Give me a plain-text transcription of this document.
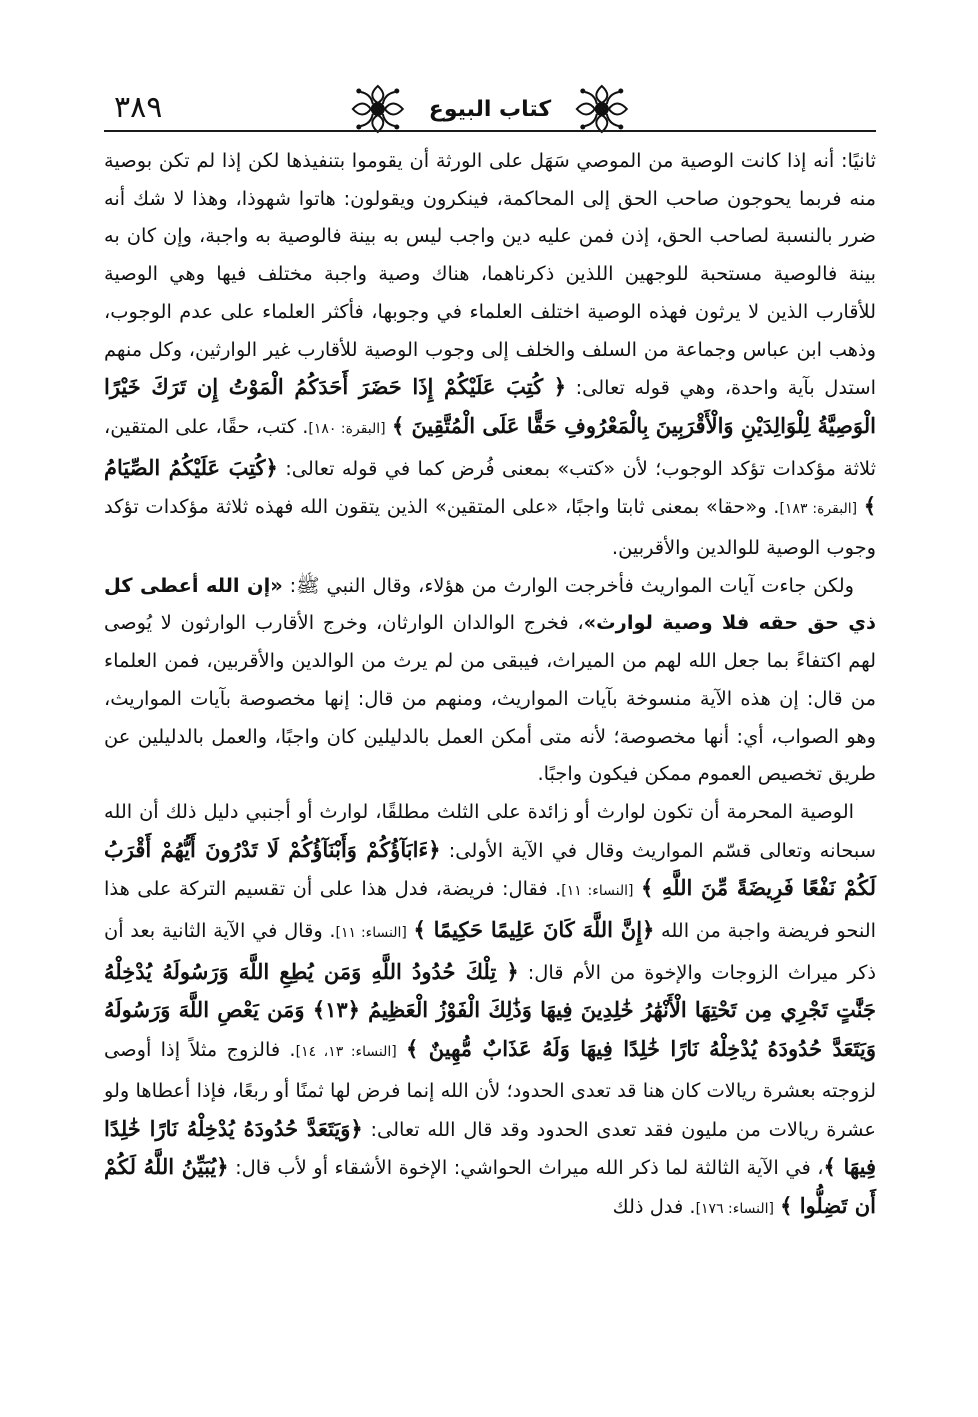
٣٨٩	كتاب البيوع

ثانيًا: أنه إذا كانت الوصية من الموصي سَهَل على الورثة أن يقوموا بتنفيذها لكن إذا لم تكن بوصية منه فربما يحوجون صاحب الحق إلى المحاكمة، فينكرون ويقولون: هاتوا شهوذا، وهذا لا شك أنه ضرر بالنسبة لصاحب الحق، إذن فمن عليه دين واجب ليس به بينة فالوصية به واجبة، وإن كان به بينة فالوصية مستحبة للوجهين اللذين ذكرناهما، هناك وصية واجبة مختلف فيها وهي الوصية للأقارب الذين لا يرثون فهذه الوصية اختلف العلماء في وجوبها، فأكثر العلماء على عدم الوجوب، وذهب ابن عباس وجماعة من السلف والخلف إلى وجوب الوصية للأقارب غير الوارثين، وكل منهم استدل بآية واحدة، وهي قوله تعالى: ﴿ كُتِبَ عَلَيْكُمْ إِذَا حَضَرَ أَحَدَكُمُ الْمَوْتُ إِن تَرَكَ خَيْرًا الْوَصِيَّةُ لِلْوَالِدَيْنِ وَالْأَقْرَبِينَ بِالْمَعْرُوفِ حَقًّا عَلَى الْمُتَّقِينَ ﴾ [البقرة: ١٨٠]. كتب، حقًا، على المتقين، ثلاثة مؤكدات تؤكد الوجوب؛ لأن «كتب» بمعنى فُرض كما في قوله تعالى: ﴿كُتِبَ عَلَيْكُمُ الصِّيَامُ ﴾ [البقرة: ١٨٣]. و«حقا» بمعنى ثابتا واجبًا، «على المتقين» الذين يتقون الله فهذه ثلاثة مؤكدات تؤكد وجوب الوصية للوالدين والأقربين.

ولكن جاءت آيات المواريث فأخرجت الوارث من هؤلاء، وقال النبي ﷺ: «إن الله أعطى كل ذي حق حقه فلا وصية لوارث»، فخرج الوالدان الوارثان، وخرج الأقارب الوارثون لا يُوصى لهم اكتفاءً بما جعل الله لهم من الميراث، فيبقى من لم يرث من الوالدين والأقربين، فمن العلماء من قال: إن هذه الآية منسوخة بآيات المواريث، ومنهم من قال: إنها مخصوصة بآيات المواريث، وهو الصواب، أي: أنها مخصوصة؛ لأنه متى أمكن العمل بالدليلين كان واجبًا، والعمل بالدليلين عن طريق تخصيص العموم ممكن فيكون واجبًا.

الوصية المحرمة أن تكون لوارث أو زائدة على الثلث مطلقًا، لوارث أو أجنبي دليل ذلك أن الله سبحانه وتعالى قسّم المواريث وقال في الآية الأولى: ﴿ءَابَآؤُكُمْ وَأَبْنَآؤُكُمْ لَا تَدْرُونَ أَيُّهُمْ أَقْرَبُ لَكُمْ نَفْعًا فَرِيضَةً مِّنَ اللَّهِ ﴾ [النساء: ١١]. فقال: فريضة، فدل هذا على أن تقسيم التركة على هذا النحو فريضة واجبة من الله ﴿إِنَّ اللَّهَ كَانَ عَلِيمًا حَكِيمًا ﴾ [النساء: ١١]. وقال في الآية الثانية بعد أن ذكر ميراث الزوجات والإخوة من الأم قال: ﴿ تِلْكَ حُدُودُ اللَّهِ وَمَن يُطِعِ اللَّهَ وَرَسُولَهُ يُدْخِلْهُ جَنَّٰتٍ تَجْرِي مِن تَحْتِهَا الْأَنْهَٰرُ خَٰلِدِينَ فِيهَا وَذَٰلِكَ الْفَوْزُ الْعَظِيمُ ﴿١٣﴾ وَمَن يَعْصِ اللَّهَ وَرَسُولَهُ وَيَتَعَدَّ حُدُودَهُ يُدْخِلْهُ نَارًا خَٰلِدًا فِيهَا وَلَهُ عَذَابٌ مُّهِينٌ ﴾ [النساء: ١٣، ١٤]. فالزوج مثلاً إذا أوصى لزوجته بعشرة ريالات كان هنا قد تعدى الحدود؛ لأن الله إنما فرض لها ثمنًا أو ربعًا، فإذا أعطاها ولو عشرة ريالات من مليون فقد تعدى الحدود وقد قال الله تعالى: ﴿وَيَتَعَدَّ حُدُودَهُ يُدْخِلْهُ نَارًا خَٰلِدًا فِيهَا ﴾، في الآية الثالثة لما ذكر الله ميراث الحواشي: الإخوة الأشقاء أو لأب قال: ﴿يُبَيِّنُ اللَّهُ لَكُمْ أَن تَضِلُّوا ﴾ [النساء: ١٧٦]. فدل ذلك
